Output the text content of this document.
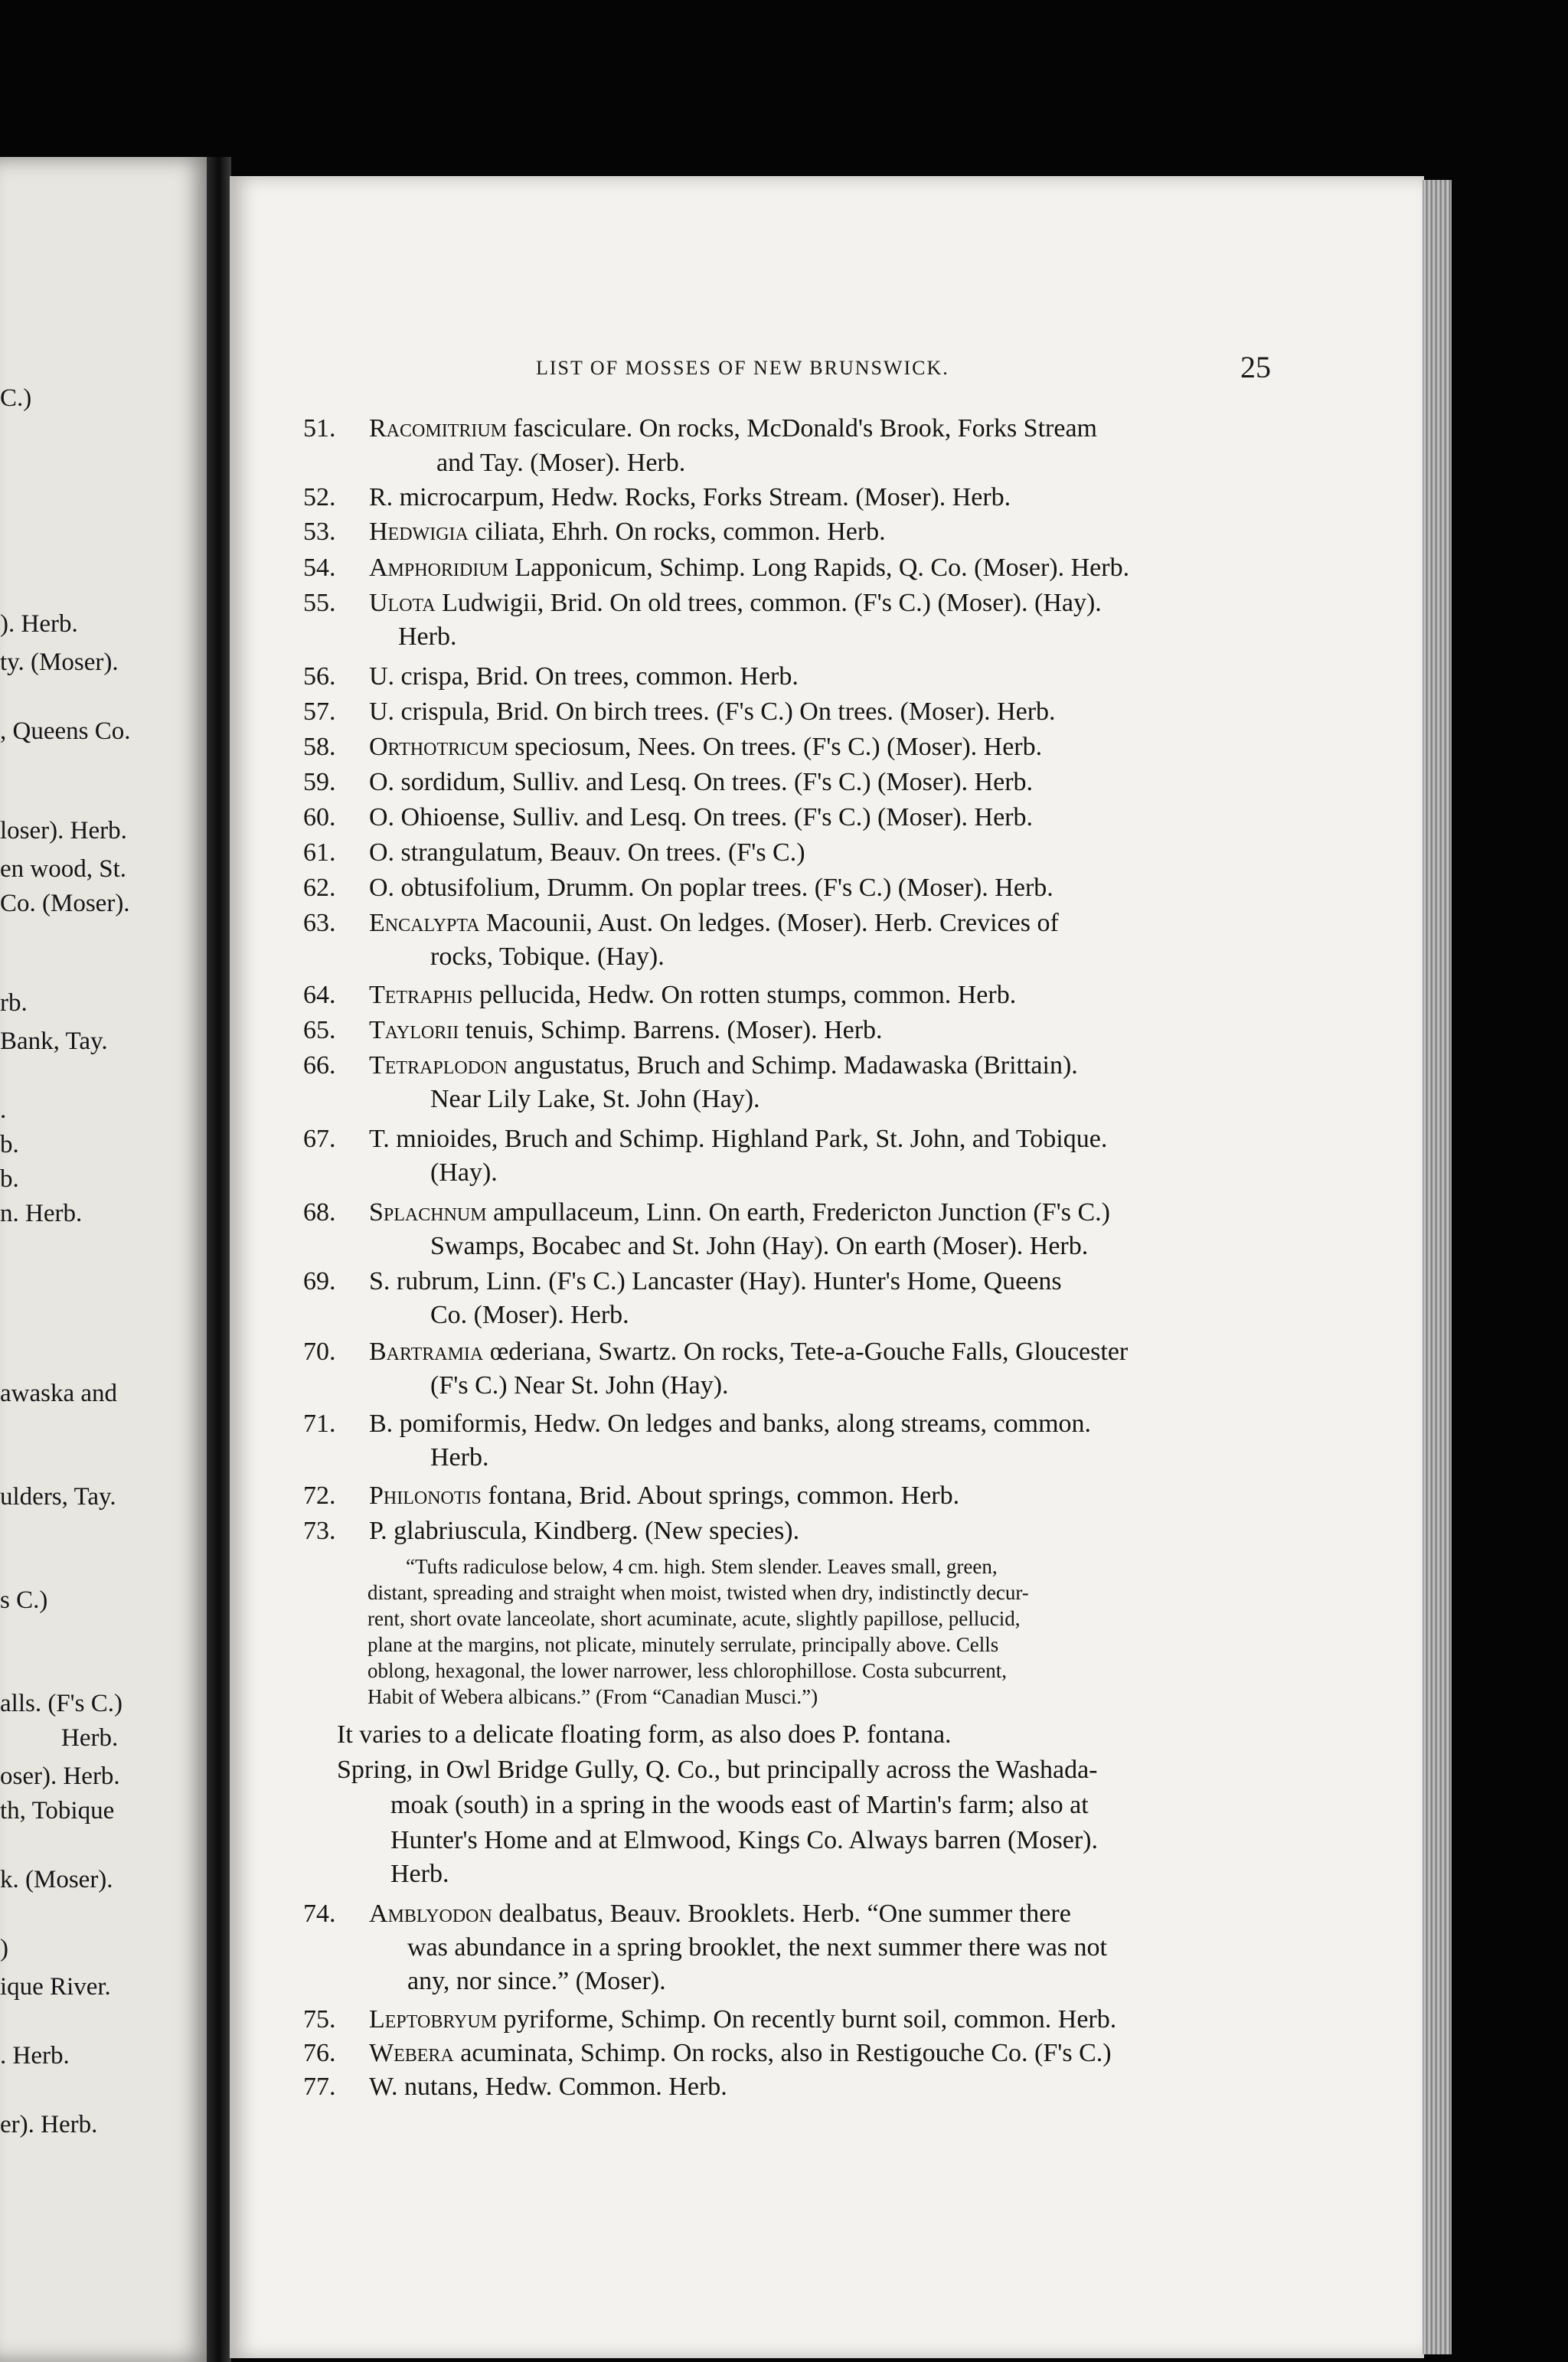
C.)
). Herb.
ty. (Moser).
, Queens Co.
loser). Herb.
en wood, St.
Co. (Moser).
rb.
Bank, Tay.
.
b.
b.
n. Herb.
awaska and
ulders, Tay.
s C.)
alls. (F's C.)
Herb.
oser). Herb.
th, Tobique
k. (Moser).
)
ique River.
. Herb.
er). Herb.
LIST OF MOSSES OF NEW BRUNSWICK.	25
51. Racomitrium fasciculare. On rocks, McDonald's Brook, Forks Stream
and Tay. (Moser). Herb.
52. R. microcarpum, Hedw. Rocks, Forks Stream. (Moser). Herb.
53. Hedwigia ciliata, Ehrh. On rocks, common. Herb.
54. Amphoridium Lapponicum, Schimp. Long Rapids, Q. Co. (Moser). Herb.
55. Ulota Ludwigii, Brid. On old trees, common. (F's C.) (Moser). (Hay).
Herb.
56. U. crispa, Brid. On trees, common. Herb.
57. U. crispula, Brid. On birch trees. (F's C.) On trees. (Moser). Herb.
58. Orthotricum speciosum, Nees. On trees. (F's C.) (Moser). Herb.
59. O. sordidum, Sulliv. and Lesq. On trees. (F's C.) (Moser). Herb.
60. O. Ohioense, Sulliv. and Lesq. On trees. (F's C.) (Moser). Herb.
61. O. strangulatum, Beauv. On trees. (F's C.)
62. O. obtusifolium, Drumm. On poplar trees. (F's C.) (Moser). Herb.
63. Encalypta Macounii, Aust. On ledges. (Moser). Herb. Crevices of
rocks, Tobique. (Hay).
64. Tetraphis pellucida, Hedw. On rotten stumps, common. Herb.
65. Taylorii tenuis, Schimp. Barrens. (Moser). Herb.
66. Tetraplodon angustatus, Bruch and Schimp. Madawaska (Brittain).
Near Lily Lake, St. John (Hay).
67. T. mnioides, Bruch and Schimp. Highland Park, St. John, and Tobique.
(Hay).
68. Splachnum ampullaceum, Linn. On earth, Fredericton Junction (F's C.)
Swamps, Bocabec and St. John (Hay). On earth (Moser). Herb.
69. S. rubrum, Linn. (F's C.) Lancaster (Hay). Hunter's Home, Queens
Co. (Moser). Herb.
70. Bartramia œderiana, Swartz. On rocks, Tete-a-Gouche Falls, Gloucester
(F's C.) Near St. John (Hay).
71. B. pomiformis, Hedw. On ledges and banks, along streams, common.
Herb.
72. Philonotis fontana, Brid. About springs, common. Herb.
73. P. glabriuscula, Kindberg. (New species).
“Tufts radiculose below, 4 cm. high. Stem slender. Leaves small, green,
distant, spreading and straight when moist, twisted when dry, indistinctly decur-
rent, short ovate lanceolate, short acuminate, acute, slightly papillose, pellucid,
plane at the margins, not plicate, minutely serrulate, principally above. Cells
oblong, hexagonal, the lower narrower, less chlorophillose. Costa subcurrent,
Habit of Webera albicans.” (From “Canadian Musci.”)
It varies to a delicate floating form, as also does P. fontana.
Spring, in Owl Bridge Gully, Q. Co., but principally across the Washada-
moak (south) in a spring in the woods east of Martin's farm; also at
Hunter's Home and at Elmwood, Kings Co. Always barren (Moser).
Herb.
74. Amblyodon dealbatus, Beauv. Brooklets. Herb. “One summer there
was abundance in a spring brooklet, the next summer there was not
any, nor since.” (Moser).
75. Leptobryum pyriforme, Schimp. On recently burnt soil, common. Herb.
76. Webera acuminata, Schimp. On rocks, also in Restigouche Co. (F's C.)
77. W. nutans, Hedw. Common. Herb.
